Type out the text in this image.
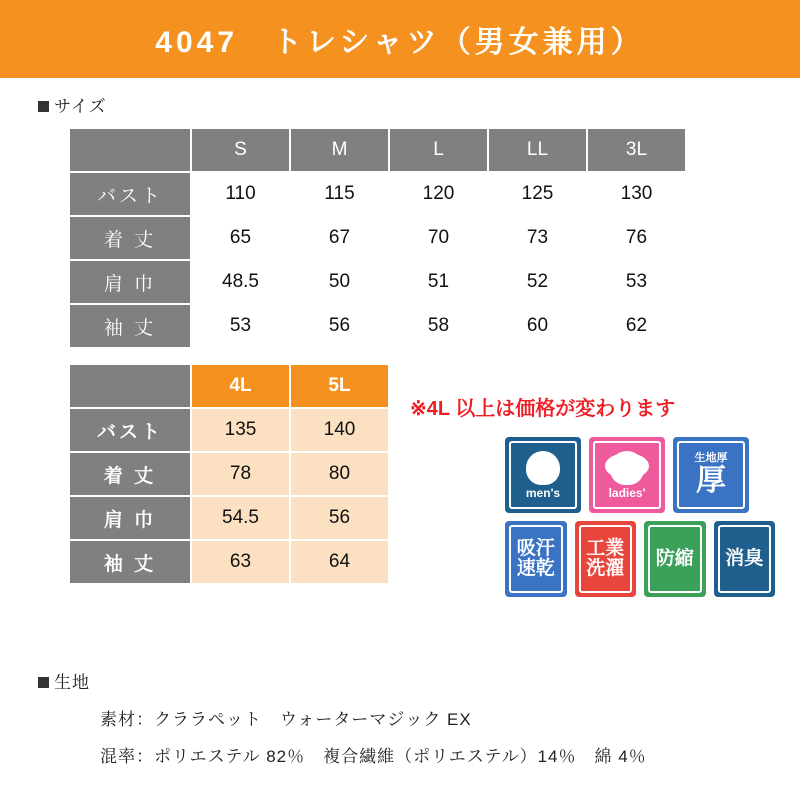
4047　トレシャツ（男女兼用）
サイズ
	S	M	L	LL	3L
バスト	110	115	120	125	130
着 丈	65	67	70	73	76
肩 巾	48.5	50	51	52	53
袖 丈	53	56	58	60	62
	4L	5L
バスト	135	140
着 丈	78	80
肩 巾	54.5	56
袖 丈	63	64
※4L 以上は価格が変わります
men's	ladies'
生地厚
厚
吸汗
速乾
工業
洗濯 防縮 消臭
生地
素材：クララペット　ウォーターマジック EX
混率：ポリエステル 82％　複合繊維（ポリエステル）14％　綿 4％
